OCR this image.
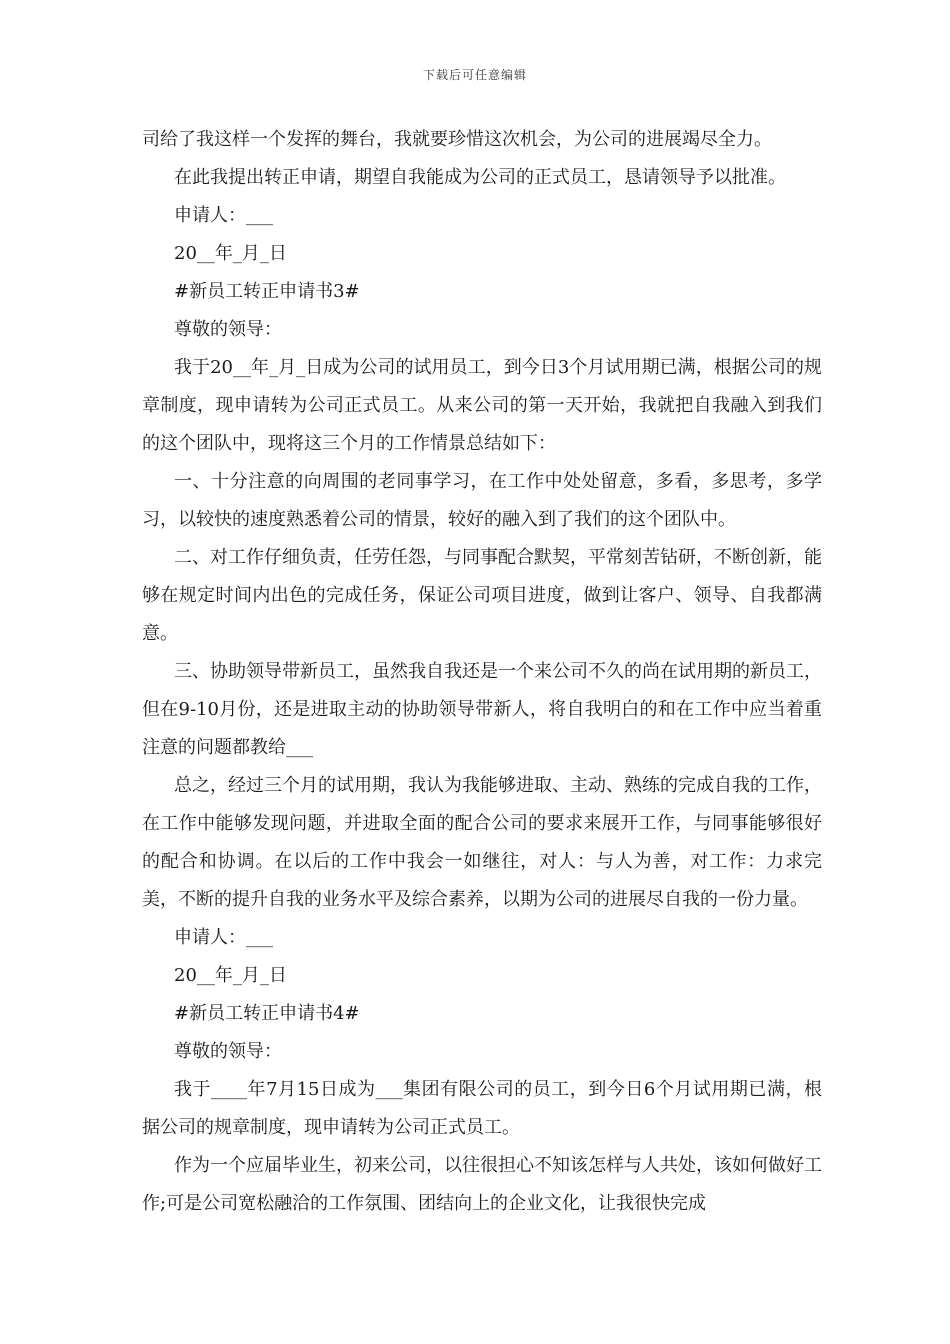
下载后可任意编辑

司给了我这样一个发挥的舞台，我就要珍惜这次机会，为公司的进展竭尽全力。

在此我提出转正申请，期望自我能成为公司的正式员工，恳请领导予以批准。

申请人：___

20__年_月_日

#新员工转正申请书3#

尊敬的领导：

我于20__年_月_日成为公司的试用员工，到今日3个月试用期已满，根据公司的规章制度，现申请转为公司正式员工。从来公司的第一天开始，我就把自我融入到我们的这个团队中，现将这三个月的工作情景总结如下：

一、十分注意的向周围的老同事学习，在工作中处处留意，多看，多思考，多学习，以较快的速度熟悉着公司的情景，较好的融入到了我们的这个团队中。

二、对工作仔细负责，任劳任怨，与同事配合默契，平常刻苦钻研，不断创新，能够在规定时间内出色的完成任务，保证公司项目进度，做到让客户、领导、自我都满意。

三、协助领导带新员工，虽然我自我还是一个来公司不久的尚在试用期的新员工，但在9-10月份，还是进取主动的协助领导带新人，将自我明白的和在工作中应当着重注意的问题都教给___

总之，经过三个月的试用期，我认为我能够进取、主动、熟练的完成自我的工作，在工作中能够发现问题，并进取全面的配合公司的要求来展开工作，与同事能够很好的配合和协调。在以后的工作中我会一如继往，对人：与人为善，对工作：力求完美，不断的提升自我的业务水平及综合素养，以期为公司的进展尽自我的一份力量。

申请人：___

20__年_月_日

#新员工转正申请书4#

尊敬的领导：

我于____年7月15日成为___集团有限公司的员工，到今日6个月试用期已满，根据公司的规章制度，现申请转为公司正式员工。

作为一个应届毕业生，初来公司，以往很担心不知该怎样与人共处，该如何做好工作;可是公司宽松融洽的工作氛围、团结向上的企业文化，让我很快完成
